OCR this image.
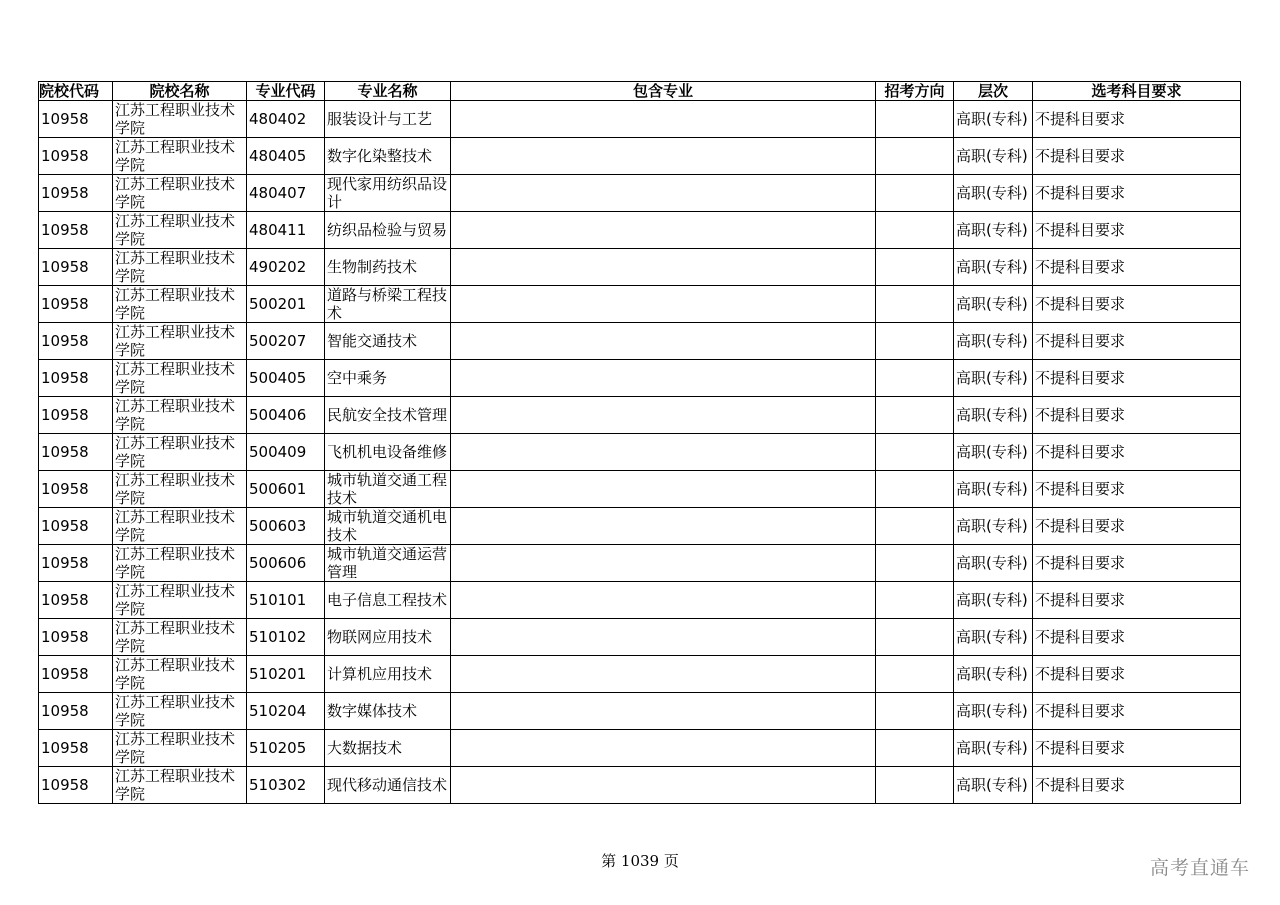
院校代码	院校名称	专业代码	专业名称	包含专业	招考方向	层次	选考科目要求
10958	江苏工程职业技术学院	480402	服装设计与工艺			高职(专科)	不提科目要求
10958	江苏工程职业技术学院	480405	数字化染整技术			高职(专科)	不提科目要求
10958	江苏工程职业技术学院	480407	现代家用纺织品设计			高职(专科)	不提科目要求
10958	江苏工程职业技术学院	480411	纺织品检验与贸易			高职(专科)	不提科目要求
10958	江苏工程职业技术学院	490202	生物制药技术			高职(专科)	不提科目要求
10958	江苏工程职业技术学院	500201	道路与桥梁工程技术			高职(专科)	不提科目要求
10958	江苏工程职业技术学院	500207	智能交通技术			高职(专科)	不提科目要求
10958	江苏工程职业技术学院	500405	空中乘务			高职(专科)	不提科目要求
10958	江苏工程职业技术学院	500406	民航安全技术管理			高职(专科)	不提科目要求
10958	江苏工程职业技术学院	500409	飞机机电设备维修			高职(专科)	不提科目要求
10958	江苏工程职业技术学院	500601	城市轨道交通工程技术			高职(专科)	不提科目要求
10958	江苏工程职业技术学院	500603	城市轨道交通机电技术			高职(专科)	不提科目要求
10958	江苏工程职业技术学院	500606	城市轨道交通运营管理			高职(专科)	不提科目要求
10958	江苏工程职业技术学院	510101	电子信息工程技术			高职(专科)	不提科目要求
10958	江苏工程职业技术学院	510102	物联网应用技术			高职(专科)	不提科目要求
10958	江苏工程职业技术学院	510201	计算机应用技术			高职(专科)	不提科目要求
10958	江苏工程职业技术学院	510204	数字媒体技术			高职(专科)	不提科目要求
10958	江苏工程职业技术学院	510205	大数据技术			高职(专科)	不提科目要求
10958	江苏工程职业技术学院	510302	现代移动通信技术			高职(专科)	不提科目要求
第 1039 页	高考直通车
